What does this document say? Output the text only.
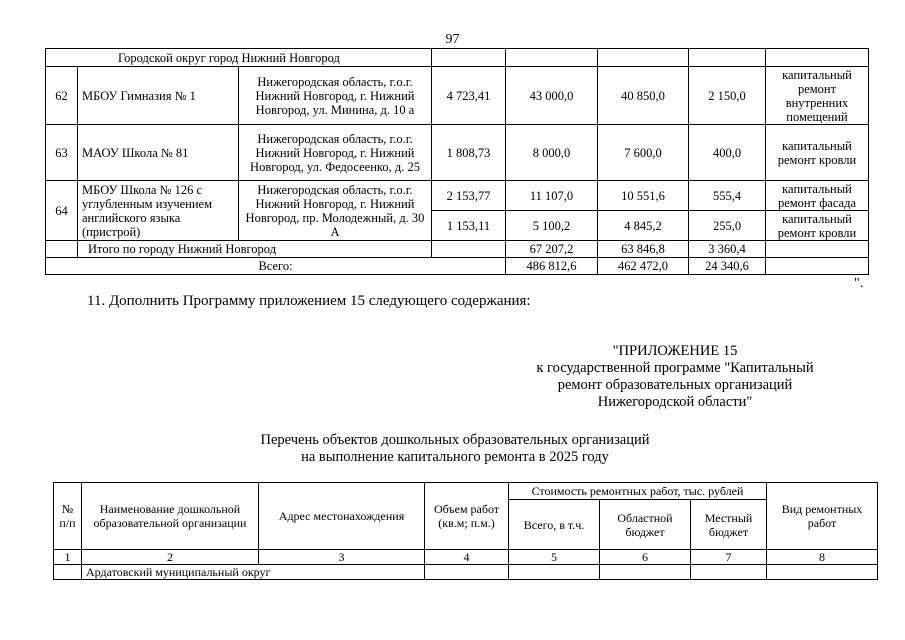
97
Городской округ город Нижний Новгород							
62	МБОУ Гимназия № 1	Нижегородская область, г.о.г. Нижний Новгород, г. Нижний Новгород, ул. Минина, д. 10 а	4 723,41	43 000,0	40 850,0	2 150,0	капитальный ремонт внутренних помещений
63	МАОУ Школа № 81	Нижегородская область, г.о.г. Нижний Новгород, г. Нижний Новгород, ул. Федосеенко, д. 25	1 808,73	8 000,0	7 600,0	400,0	капитальный ремонт кровли
64	МБОУ Школа № 126 с углубленным изучением английского языка (пристрой)	Нижегородская область, г.о.г. Нижний Новгород, г. Нижний Новгород, пр. Молодежный, д. 30 А	2 153,77	11 107,0	10 551,6	555,4	капитальный ремонт фасада
			1 153,11	5 100,2	4 845,2	255,0	капитальный ремонт кровли
	Итого по городу Нижний Новгород			67 207,2	63 846,8	3 360,4	
Всего:				486 812,6	462 472,0	24 340,6	
".
11. Дополнить Программу приложением 15 следующего содержания:
"ПРИЛОЖЕНИЕ 15
к государственной программе "Капитальный
ремонт образовательных организаций
Нижегородской области"
Перечень объектов дошкольных образовательных организаций
на выполнение капитального ремонта в 2025 году
№ п/п	Наименование дошкольной образовательной организации	Адрес местонахождения	Объем работ (кв.м; п.м.)	Стоимость ремонтных работ, тыс. рублей			Вид ремонтных работ
				Всего, в т.ч.	Областной бюджет	Местный бюджет	
1	2	3	4	5	6	7	8
	Ардатовский муниципальный округ						
